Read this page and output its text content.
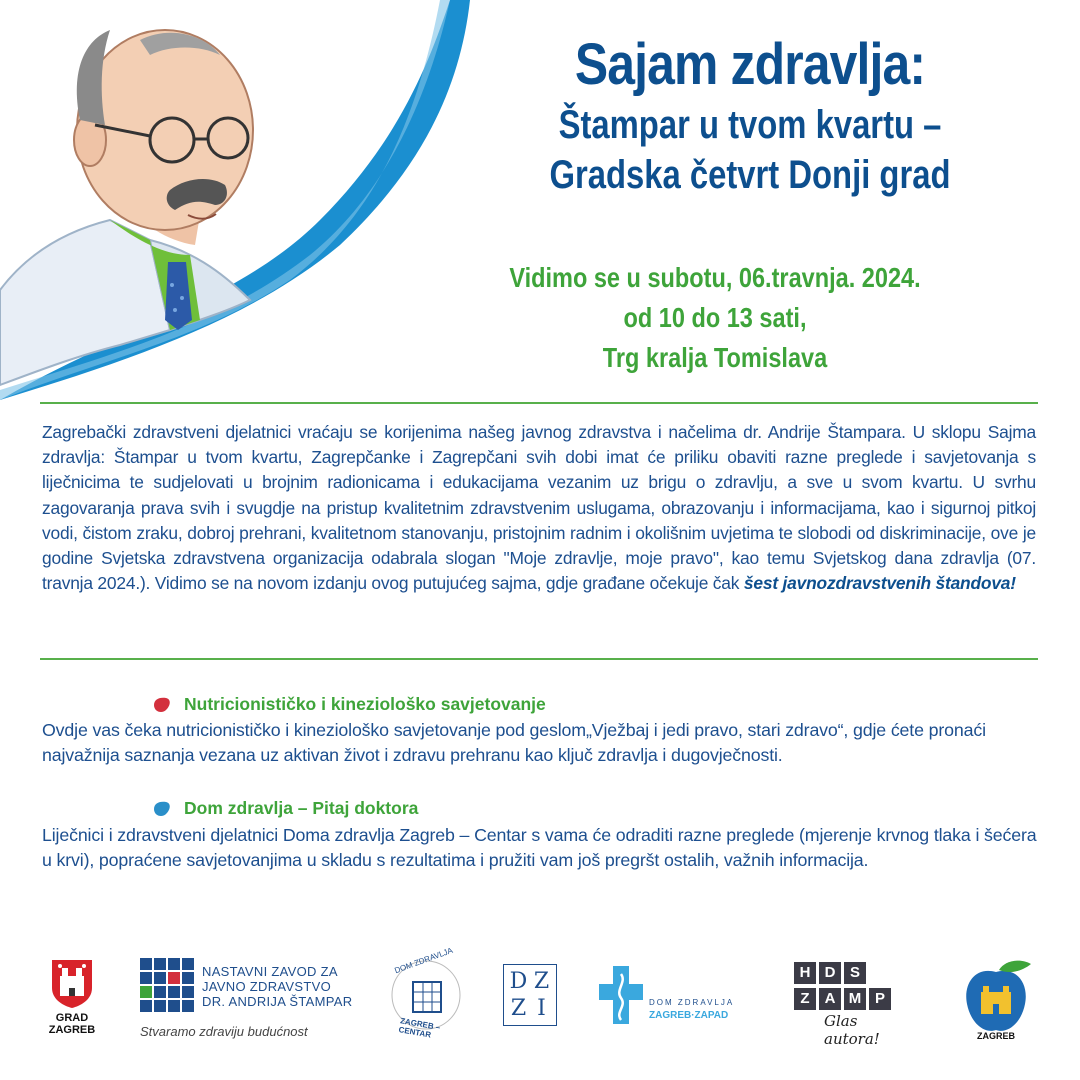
Sajam zdravlja:
Štampar u tvom kvartu –
Gradska četvrt Donji grad
Vidimo se u subotu, 06.travnja. 2024.
od 10 do 13 sati,
Trg kralja Tomislava

Zagrebački zdravstveni djelatnici vraćaju se korijenima našeg javnog zdravstva i načelima dr. Andrije Štampara. U sklopu Sajma zdravlja: Štampar u tvom kvartu, Zagrepčanke i Zagrepčani svih dobi imat će priliku obaviti razne preglede i savjetovanja s liječnicima te sudjelovati u brojnim radionicama i edukacijama vezanim uz brigu o zdravlju, a sve u svom kvartu. U svrhu zagovaranja prava svih i svugdje na pristup kvalitetnim zdravstvenim uslugama, obrazovanju i informacijama, kao i sigurnoj pitkoj vodi, čistom zraku, dobroj prehrani, kvalitetnom stanovanju, pristojnim radnim i okolišnim uvjetima te slobodi od diskriminacije, ove je godine Svjetska zdravstvena organizacija odabrala slogan "Moje zdravlje, moje pravo", kao temu Svjetskog dana zdravlja (07. travnja 2024.). Vidimo se na novom izdanju ovog putujućeg sajma, gdje građane očekuje čak šest javnozdravstvenih štandova!

Nutricionističko i kineziološko savjetovanje

Ovdje vas čeka nutricionističko i kineziološko savjetovanje pod geslom„Vježbaj i jedi pravo, stari zdravo“, gdje ćete pronaći najvažnija saznanja vezana uz aktivan život i zdravu prehranu kao ključ zdravlja i dugovječnosti.

Dom zdravlja – Pitaj doktora

Liječnici i zdravstveni djelatnici Doma zdravlja Zagreb – Centar s vama će odraditi razne preglede (mjerenje krvnog tlaka i šećera u krvi), popraćene savjetovanjima u skladu s rezultatima i pružiti vam još pregršt ostalih, važnih informacija.

GRAD
ZAGREB
NASTAVNI ZAVOD ZA
JAVNO ZDRAVSTVO
DR. ANDRIJA ŠTAMPAR
Stvaramo zdraviju budućnost
DOM ZDRAVLJA
ZAGREB – CENTAR
D Z
Z I	DOM ZDRAVLJA
ZAGREB·ZAPAD
H D S
Z A M P
Glas autora!	ZAGREB
